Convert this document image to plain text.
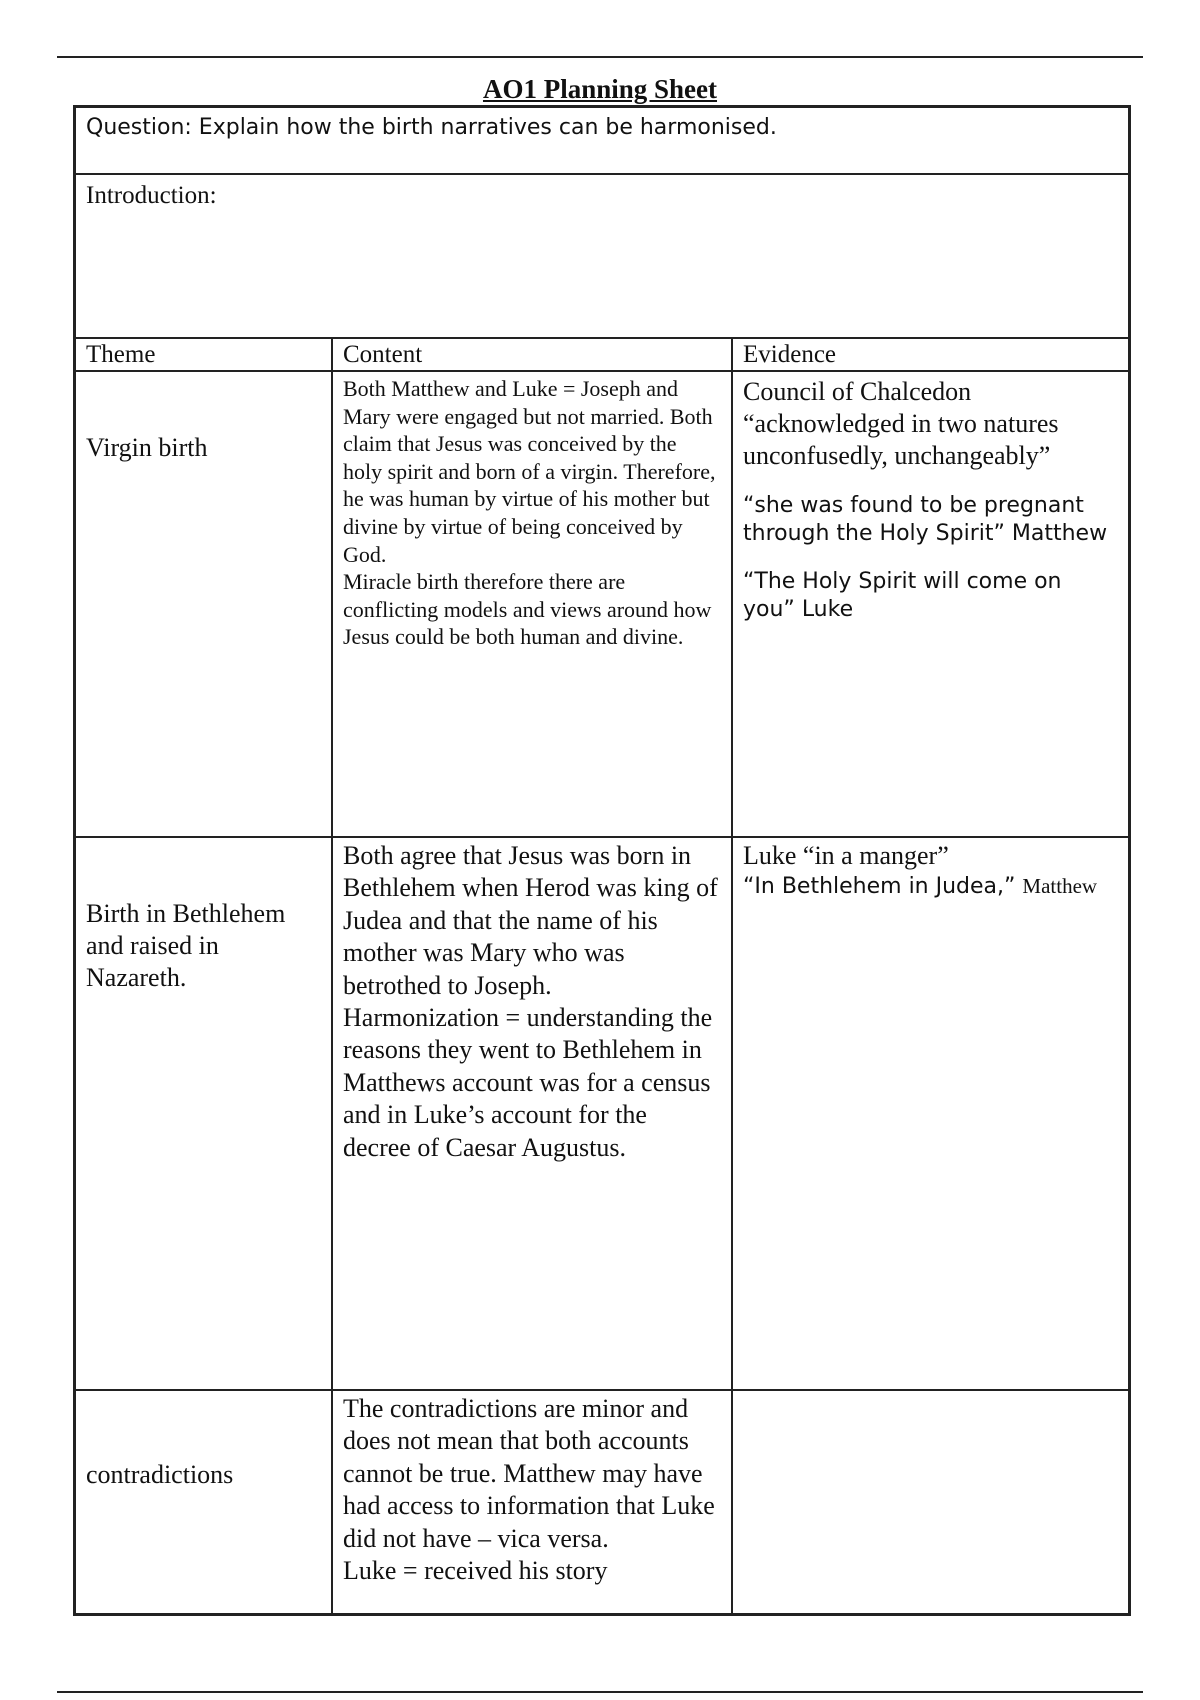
AO1 Planning Sheet
Question: Explain how the birth narratives can be harmonised.
Introduction:
Theme	Content	Evidence
Virgin birth
Both Matthew and Luke = Joseph and Mary were engaged but not married. Both claim that Jesus was conceived by the holy spirit and born of a virgin. Therefore, he was human by virtue of his mother but divine by virtue of being conceived by God.
Miracle birth therefore there are conflicting models and views around how Jesus could be both human and divine.
Council of Chalcedon “acknowledged in two natures unconfusedly, unchangeably”
“she was found to be pregnant through the Holy Spirit” Matthew
“The Holy Spirit will come on you” Luke
Birth in Bethlehem and raised in Nazareth.
Both agree that Jesus was born in Bethlehem when Herod was king of Judea and that the name of his mother was Mary who was betrothed to Joseph.
Harmonization = understanding the reasons they went to Bethlehem in Matthews account was for a census and in Luke’s account for the decree of Caesar Augustus.
Luke “in a manger”
“In Bethlehem in Judea,” Matthew
contradictions
The contradictions are minor and does not mean that both accounts cannot be true. Matthew may have had access to information that Luke did not have – vica versa.
Luke = received his story
